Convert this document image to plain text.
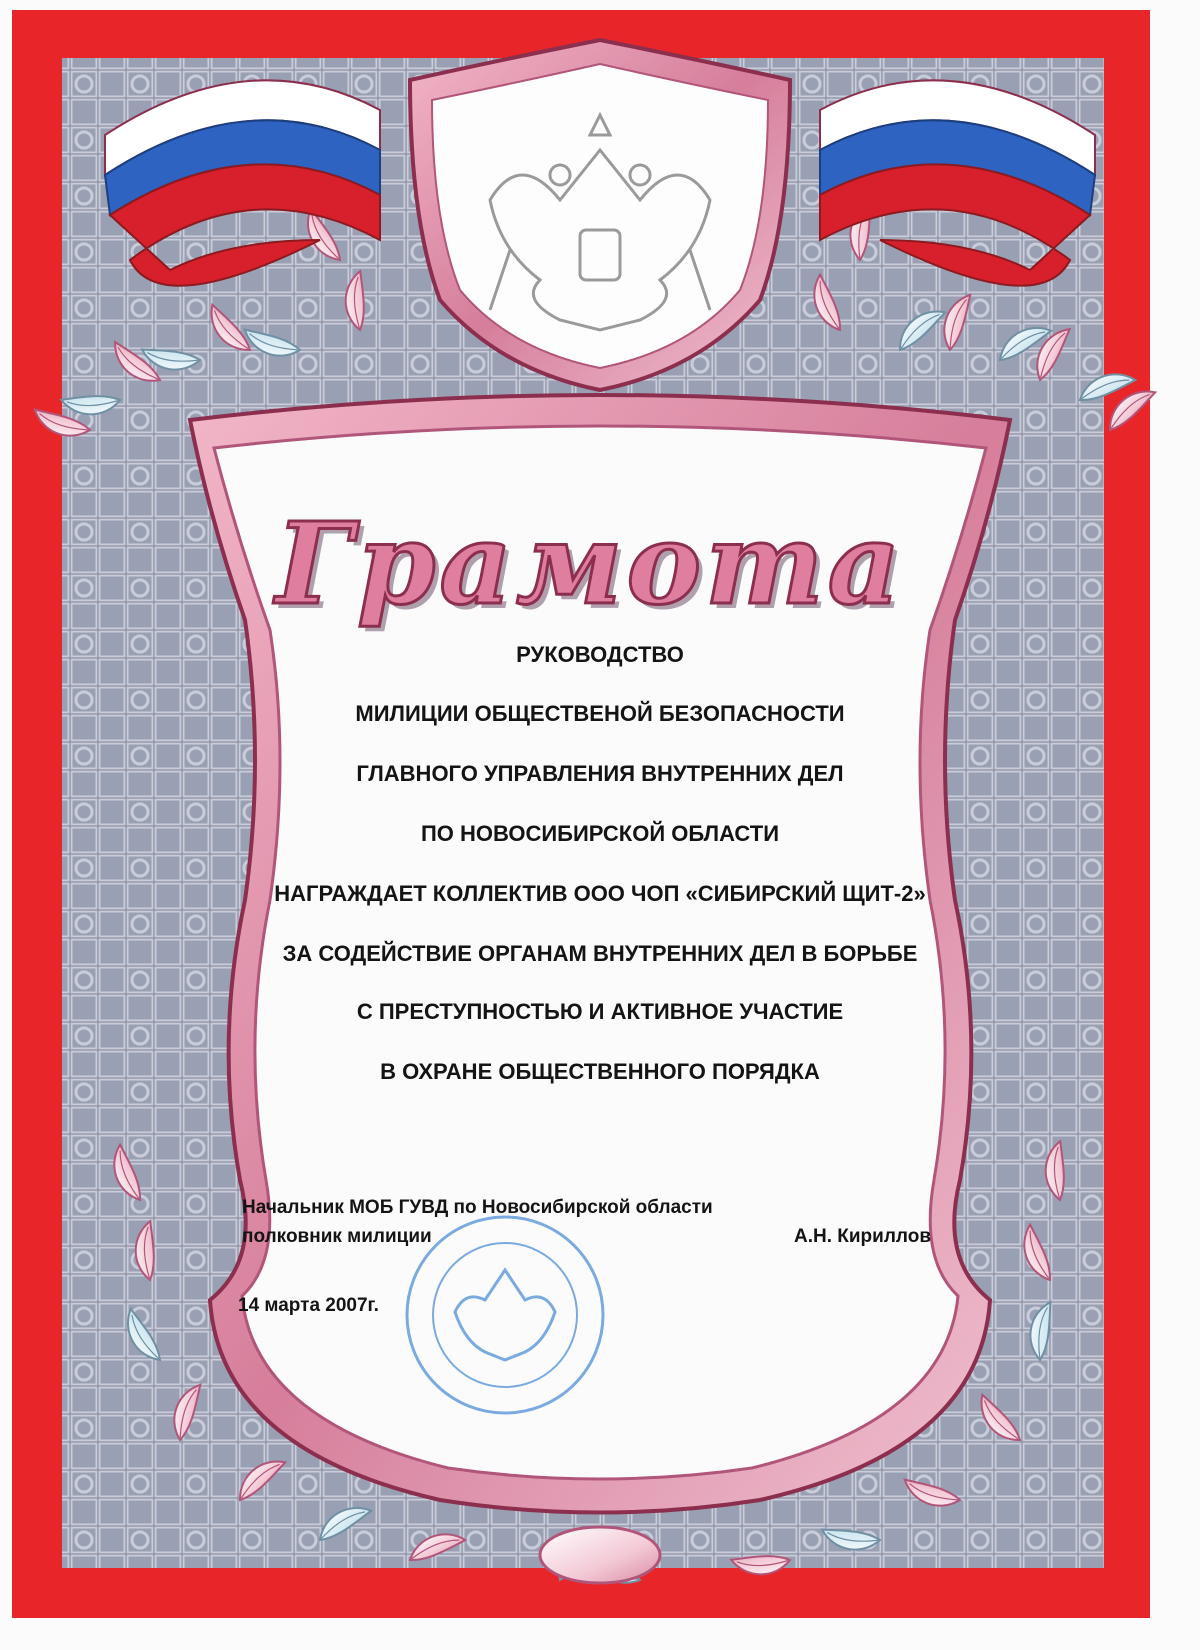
Грамота

РУКОВОДСТВО

МИЛИЦИИ ОБЩЕСТВЕНОЙ БЕЗОПАСНОСТИ

ГЛАВНОГО УПРАВЛЕНИЯ ВНУТРЕННИХ ДЕЛ

ПО НОВОСИБИРСКОЙ ОБЛАСТИ

НАГРАЖДАЕТ КОЛЛЕКТИВ ООО ЧОП «СИБИРСКИЙ ЩИТ-2»

ЗА СОДЕЙСТВИЕ ОРГАНАМ ВНУТРЕННИХ ДЕЛ В БОРЬБЕ

С ПРЕСТУПНОСТЬЮ И АКТИВНОЕ УЧАСТИЕ

В ОХРАНЕ ОБЩЕСТВЕННОГО ПОРЯДКА

Начальник МОБ ГУВД по Новосибирской области

полковник милиции	А.Н. Кириллов

14 марта 2007г.
